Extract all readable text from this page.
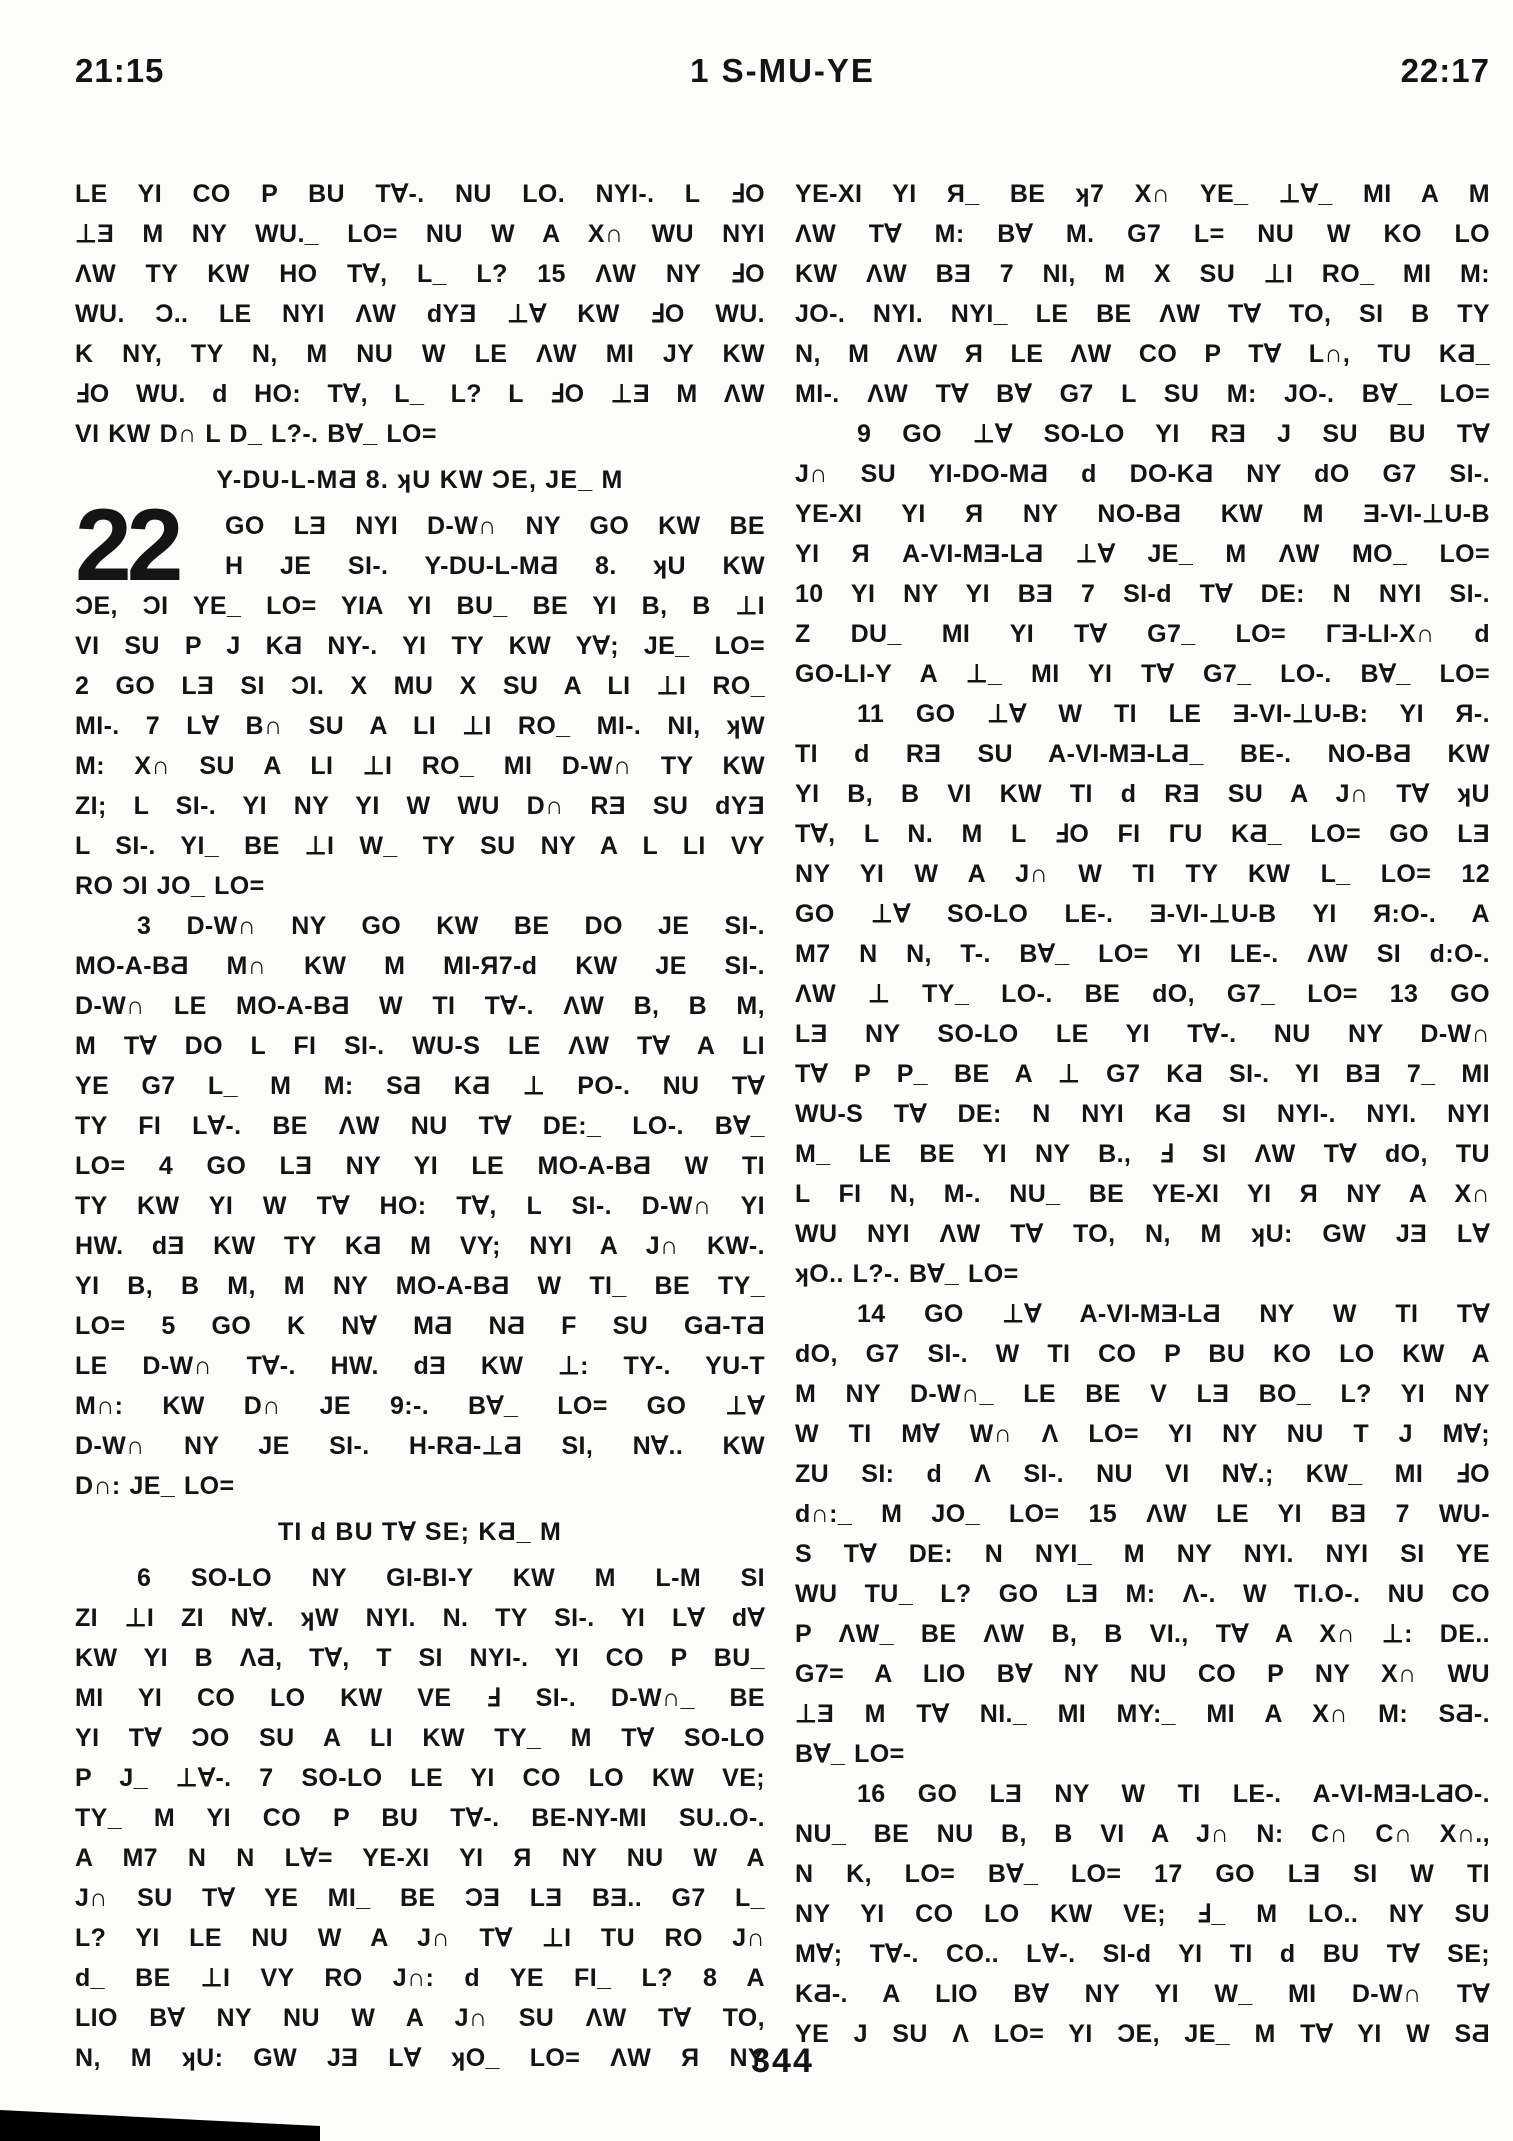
21:15	1 S-MU-YE	22:17
LE YI CO P BU T∀-. NU LO. NYI-. L ℲO
⊥Ǝ M NY WU._ LO= NU W A X∩ WU NYI
ΛW TY KW HO T∀, L_ L? 15 ΛW NY ℲO
WU. Ɔ.. LE NYI ΛW dYƎ ⊥∀ KW ℲO WU.
K NY, TY N, M NU W LE ΛW MI JY KW
ℲO WU. d HO: T∀, L_ L? L ℲO ⊥Ǝ M ΛW
VI KW D∩ L D_ L?-. B∀_ LO=
Y-DU-L-MƋ 8. ʞU KW ƆE, JE_ M
22 GO LƎ NYI D-W∩ NY GO KW BE
H JE SI-. Y-DU-L-MƋ 8. ʞU KW
ƆE, ƆI YE_ LO= YIA YI BU_ BE YI B, B ⊥I
VI SU P J KƋ NY-. YI TY KW Y∀; JE_ LO=
2 GO LƎ SI ƆI. X MU X SU A LI ⊥I RO_
MI-. 7 L∀ B∩ SU A LI ⊥I RO_ MI-. NI, ʞW
M: X∩ SU A LI ⊥I RO_ MI D-W∩ TY KW
ZI; L SI-. YI NY YI W WU D∩ RƎ SU dYƎ
L SI-. YI_ BE ⊥I W_ TY SU NY A L LI VY
RO ƆI JO_ LO=
3 D-W∩ NY GO KW BE DO JE SI-.
MO-A-BƋ M∩ KW M MI-Я7-d KW JE SI-.
D-W∩ LE MO-A-BƋ W TI T∀-. ΛW B, B M,
M T∀ DO L FI SI-. WU-S LE ΛW T∀ A LI
YE G7 L_ M M: SƋ KƋ ⊥ PO-. NU T∀
TY FI L∀-. BE ΛW NU T∀ DE:_ LO-. B∀_
LO= 4 GO LƎ NY YI LE MO-A-BƋ W TI
TY KW YI W T∀ HO: T∀, L SI-. D-W∩ YI
HW. dƎ KW TY KƋ M VY; NYI A J∩ KW-.
YI B, B M, M NY MO-A-BƋ W TI_ BE TY_
LO= 5 GO K N∀ MƋ NƋ F SU GƋ-TƋ
LE D-W∩ T∀-. HW. dƎ KW ⊥: TY-. YU-T
M∩: KW D∩ JE 9:-. B∀_ LO= GO ⊥∀
D-W∩ NY JE SI-. H-RƋ-⊥Ƌ SI, N∀.. KW
D∩: JE_ LO=
TI d BU T∀ SE; KƋ_ M
6 SO-LO NY GI-BI-Y KW M L-M SI
ZI ⊥I ZI N∀. ʞW NYI. N. TY SI-. YI L∀ d∀
KW YI B ΛƋ, T∀, T SI NYI-. YI CO P BU_
MI YI CO LO KW VE Ⅎ SI-. D-W∩_ BE
YI T∀ ƆO SU A LI KW TY_ M T∀ SO-LO
P J_ ⊥∀-. 7 SO-LO LE YI CO LO KW VE;
TY_ M YI CO P BU T∀-. BE-NY-MI SU..O-.
A M7 N N L∀= YE-XI YI Я NY NU W A
J∩ SU T∀ YE MI_ BE ƆƎ LƎ BƎ.. G7 L_
L? YI LE NU W A J∩ T∀ ⊥I TU RO J∩
d_ BE ⊥I VY RO J∩: d YE FI_ L? 8 A
LIO B∀ NY NU W A J∩ SU ΛW T∀ TO,
N, M ʞU: GW JƎ L∀ ʞO_ LO= ΛW Я NY
YE-XI YI Я_ BE ʞ7 X∩ YE_ ⊥∀_ MI A M
ΛW T∀ M: B∀ M. G7 L= NU W KO LO
KW ΛW BƎ 7 NI, M X SU ⊥I RO_ MI M:
JO-. NYI. NYI_ LE BE ΛW T∀ TO, SI B TY
N, M ΛW Я LE ΛW CO P T∀ L∩, TU KƋ_
MI-. ΛW T∀ B∀ G7 L SU M: JO-. B∀_ LO=
9 GO ⊥∀ SO-LO YI RƎ J SU BU T∀
J∩ SU YI-DO-MƋ d DO-KƋ NY dO G7 SI-.
YE-XI YI Я NY NO-BƋ KW M Ǝ-VI-⊥U-B
YI Я A-VI-MƎ-LƋ ⊥∀ JE_ M ΛW MO_ LO=
10 YI NY YI BƎ 7 SI-d T∀ DE: N NYI SI-.
Z DU_ MI YI T∀ G7_ LO= ΓƎ-LI-X∩ d
GO-LI-Y A ⊥_ MI YI T∀ G7_ LO-. B∀_ LO=
11 GO ⊥∀ W TI LE Ǝ-VI-⊥U-B: YI Я-.
TI d RƎ SU A-VI-MƎ-LƋ_ BE-. NO-BƋ KW
YI B, B VI KW TI d RƎ SU A J∩ T∀ ʞU
T∀, L N. M L ℲO FI ΓU KƋ_ LO= GO LƎ
NY YI W A J∩ W TI TY KW L_ LO= 12
GO ⊥∀ SO-LO LE-. Ǝ-VI-⊥U-B YI Я:O-. A
M7 N N, T-. B∀_ LO= YI LE-. ΛW SI d:O-.
ΛW ⊥ TY_ LO-. BE dO, G7_ LO= 13 GO
LƎ NY SO-LO LE YI T∀-. NU NY D-W∩
T∀ P P_ BE A ⊥ G7 KƋ SI-. YI BƎ 7_ MI
WU-S T∀ DE: N NYI KƋ SI NYI-. NYI. NYI
M_ LE BE YI NY B., Ⅎ SI ΛW T∀ dO, TU
L FI N, M-. NU_ BE YE-XI YI Я NY A X∩
WU NYI ΛW T∀ TO, N, M ʞU: GW JƎ L∀
ʞO.. L?-. B∀_ LO=
14 GO ⊥∀ A-VI-MƎ-LƋ NY W TI T∀
dO, G7 SI-. W TI CO P BU KO LO KW A
M NY D-W∩_ LE BE V LƎ BO_ L? YI NY
W TI M∀ W∩ Λ LO= YI NY NU T J M∀;
ZU SI: d Λ SI-. NU VI N∀.; KW_ MI ℲO
d∩:_ M JO_ LO= 15 ΛW LE YI BƎ 7 WU-
S T∀ DE: N NYI_ M NY NYI. NYI SI YE
WU TU_ L? GO LƎ M: Λ-. W TI.O-. NU CO
P ΛW_ BE ΛW B, B VI., T∀ A X∩ ⊥: DE..
G7= A LIO B∀ NY NU CO P NY X∩ WU
⊥Ǝ M T∀ NI._ MI MY:_ MI A X∩ M: SƋ-.
B∀_ LO=
16 GO LƎ NY W TI LE-. A-VI-MƎ-LƋO-.
NU_ BE NU B, B VI A J∩ N: C∩ C∩ X∩.,
N K, LO= B∀_ LO= 17 GO LƎ SI W TI
NY YI CO LO KW VE; Ⅎ_ M LO.. NY SU
M∀; T∀-. CO.. L∀-. SI-d YI TI d BU T∀ SE;
KƋ-. A LIO B∀ NY YI W_ MI D-W∩ T∀
YE J SU Λ LO= YI ƆE, JE_ M T∀ YI W SƋ
344
